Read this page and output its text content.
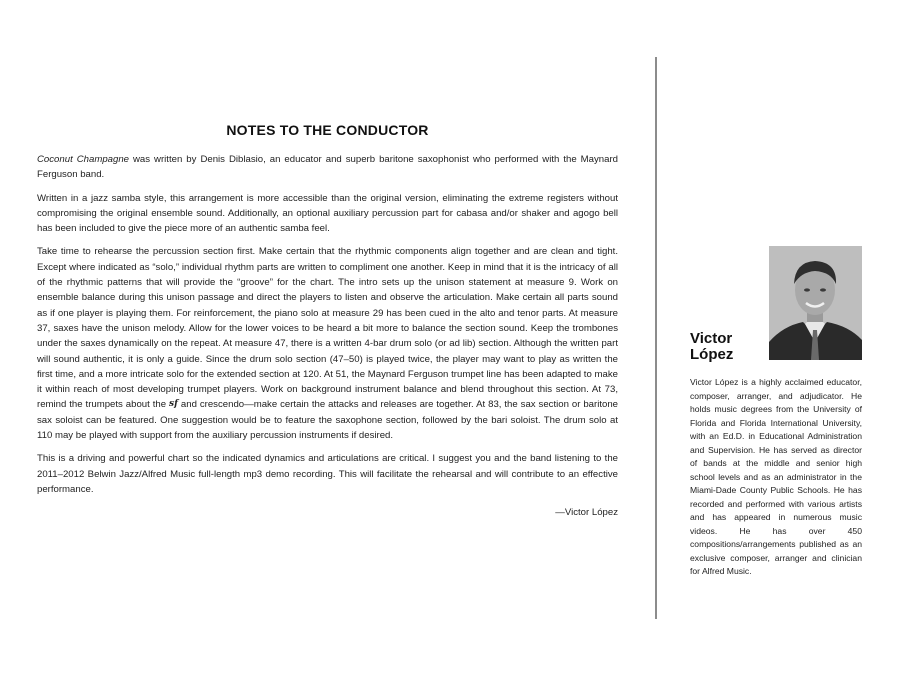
NOTES TO THE CONDUCTOR

Coconut Champagne was written by Denis Diblasio, an educator and superb baritone saxophonist who performed with the Maynard Ferguson band.

Written in a jazz samba style, this arrangement is more accessible than the original version, eliminating the extreme registers without compromising the original ensemble sound. Additionally, an optional auxiliary percussion part for cabasa and/or shaker and agogo bell has been included to give the piece more of an authentic samba feel.

Take time to rehearse the percussion section first. Make certain that the rhythmic components align together and are clean and tight. Except where indicated as “solo,” individual rhythm parts are written to compliment one another. Keep in mind that it is the intricacy of all of the rhythmic patterns that will provide the “groove” for the chart. The intro sets up the unison statement at measure 9. Work on ensemble balance during this unison passage and direct the players to listen and observe the articulation. Make certain all parts sound as if one player is playing them. For reinforcement, the piano solo at measure 29 has been cued in the alto and tenor parts. At measure 37, saxes have the unison melody. Allow for the lower voices to be heard a bit more to balance the section sound. Keep the trombones under the saxes dynamically on the repeat. At measure 47, there is a written 4-bar drum solo (or ad lib) section. Although the written part will sound authentic, it is only a guide. Since the drum solo section (47–50) is played twice, the player may want to play as written the first time, and a more intricate solo for the extended section at 120. At 51, the Maynard Ferguson trumpet line has been adapted to make it within reach of most developing trumpet players. Work on background instrument balance and blend throughout this section. At 73, remind the trumpets about the sf and crescendo—make certain the attacks and releases are together. At 83, the sax section or baritone sax soloist can be featured. One suggestion would be to feature the saxophone section, followed by the bari soloist. The drum solo at 110 may be played with support from the auxiliary percussion instruments if desired.

This is a driving and powerful chart so the indicated dynamics and articulations are critical. I suggest you and the band listening to the 2011–2012 Belwin Jazz/Alfred Music full-length mp3 demo recording. This will facilitate the rehearsal and will contribute to an effective performance.

—Victor López
Victor
López
Victor López is a highly acclaimed educator, composer, arranger, and adjudicator. He holds music degrees from the University of Florida and Florida International University, with an Ed.D. in Educational Administration and Supervision. He has served as director of bands at the middle and senior high school levels and as an administrator in the Miami-Dade County Public Schools. He has recorded and performed with various artists and has appeared in numerous music videos. He has over 450 compositions/arrangements published as an exclusive composer, arranger and clinician for Alfred Music.
